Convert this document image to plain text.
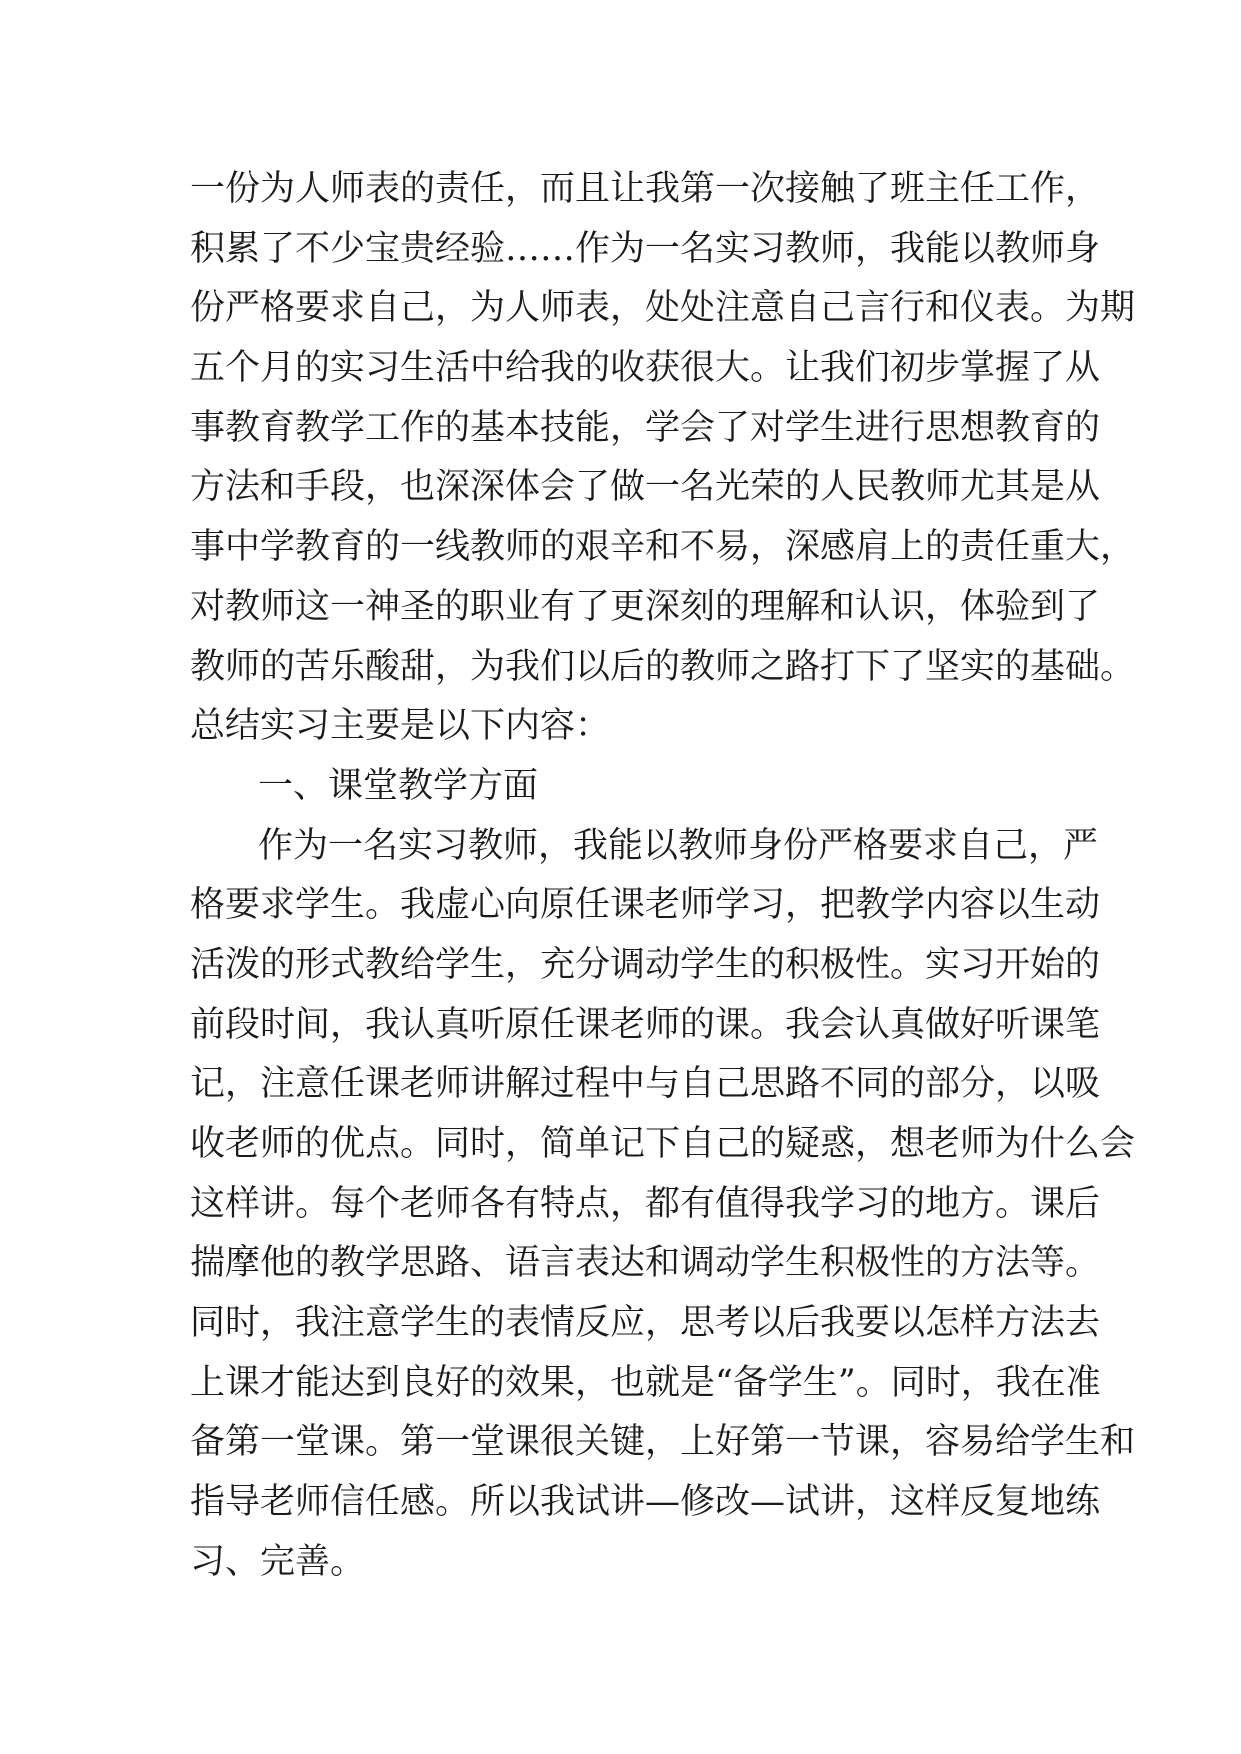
一份为人师表的责任，而且让我第一次接触了班主任工作，
积累了不少宝贵经验……作为一名实习教师，我能以教师身
份严格要求自己，为人师表，处处注意自己言行和仪表。为期
五个月的实习生活中给我的收获很大。让我们初步掌握了从
事教育教学工作的基本技能，学会了对学生进行思想教育的
方法和手段，也深深体会了做一名光荣的人民教师尤其是从
事中学教育的一线教师的艰辛和不易，深感肩上的责任重大，
对教师这一神圣的职业有了更深刻的理解和认识，体验到了
教师的苦乐酸甜，为我们以后的教师之路打下了坚实的基础。
总结实习主要是以下内容：
一、课堂教学方面
作为一名实习教师，我能以教师身份严格要求自己，严
格要求学生。我虚心向原任课老师学习，把教学内容以生动
活泼的形式教给学生，充分调动学生的积极性。实习开始的
前段时间，我认真听原任课老师的课。我会认真做好听课笔
记，注意任课老师讲解过程中与自己思路不同的部分，以吸
收老师的优点。同时，简单记下自己的疑惑，想老师为什么会
这样讲。每个老师各有特点，都有值得我学习的地方。课后
揣摩他的教学思路、语言表达和调动学生积极性的方法等。
同时，我注意学生的表情反应，思考以后我要以怎样方法去
上课才能达到良好的效果，也就是“备学生”。同时，我在准
备第一堂课。第一堂课很关键，上好第一节课，容易给学生和
指导老师信任感。所以我试讲—修改—试讲，这样反复地练
习、完善。
